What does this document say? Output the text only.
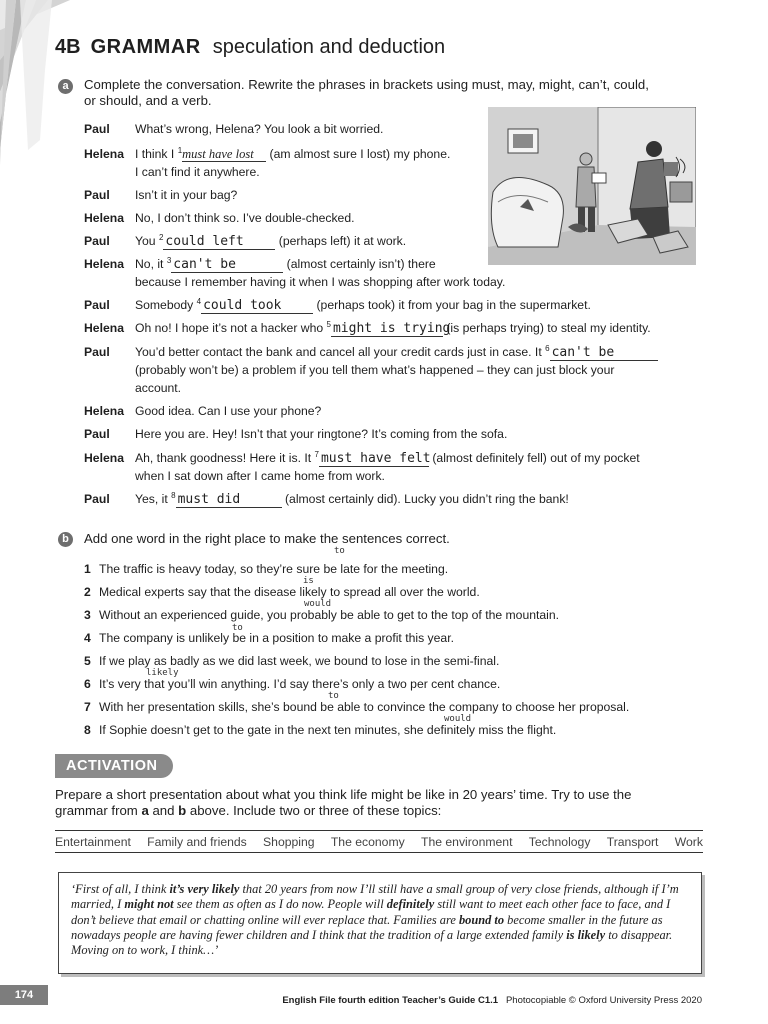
4B GRAMMAR speculation and deduction
a	Complete the conversation. Rewrite the phrases in brackets using must, may, might, can’t, could,
or should, and a verb.
Paul	What’s wrong, Helena? You look a bit worried.
Helena I think I $^1$must have lost (am almost sure I lost) my phone.
I can’t find it anywhere.
Paul	Isn’t it in your bag?
Helena No, I don’t think so. I’ve double-checked.
Paul	You $^2$ could left	(perhaps left) it at work.
Helena No, it $^3$ can't be	(almost certainly isn’t) there
because I remember having it when I was shopping after work today.
Paul	Somebody $^4$ could took	(perhaps took) it from your bag in the supermarket.
Helena Oh no! I hope it’s not a hacker who $^5$ might is trying (is perhaps trying) to steal my identity.
Paul	You’d better contact the bank and cancel all your credit cards just in case. It $^6$ can't be
(probably won’t be) a problem if you tell them what’s happened – they can just block your
account.
Helena Good idea. Can I use your phone?
Paul	Here you are. Hey! Isn’t that your ringtone? It’s coming from the sofa.
Helena Ah, thank goodness! Here it is. It $^7$ must have felt (almost definitely fell) out of my pocket
when I sat down after I came home from work.
Paul	Yes, it $^8$ must did	(almost certainly did). Lucky you didn’t ring the bank!
b	Add one word in the right place to make the sentences correct.
1 The traffic is heavy today, so they’re sure be late for the meeting.
2 Medical experts say that the disease likely to spread all over the world.
3 Without an experienced guide, you probably be able to get to the top of the mountain.
4 The company is unlikely be in a position to make a profit this year.
5 If we play as badly as we did last week, we bound to lose in the semi-final.
6 It’s very that you’ll win anything. I’d say there’s only a two per cent chance.
7 With her presentation skills, she’s bound be able to convince the company to choose her proposal.
8 If Sophie doesn’t get to the gate in the next ten minutes, she definitely miss the flight.
to
is
would
to
likely
to
would
ACTIVATION
Prepare a short presentation about what you think life might be like in 20 years’ time. Try to use the
grammar from a and b above. Include two or three of these topics:
Entertainment Family and friends Shopping The economy The environment Technology Transport Work
‘First of all, I think it’s very likely that 20 years from now I’ll still have a small group of very close friends, although if I’m married, I might not see them as often as I do now. People will definitely still want to meet each other face to face, and I don’t believe that email or chatting online will ever replace that. Families are bound to become smaller in the future as nowadays people are having fewer children and I think that the tradition of a large extended family is likely to disappear. Moving on to work, I think…’
174	English File fourth edition Teacher’s Guide C1.1 Photocopiable © Oxford University Press 2020
